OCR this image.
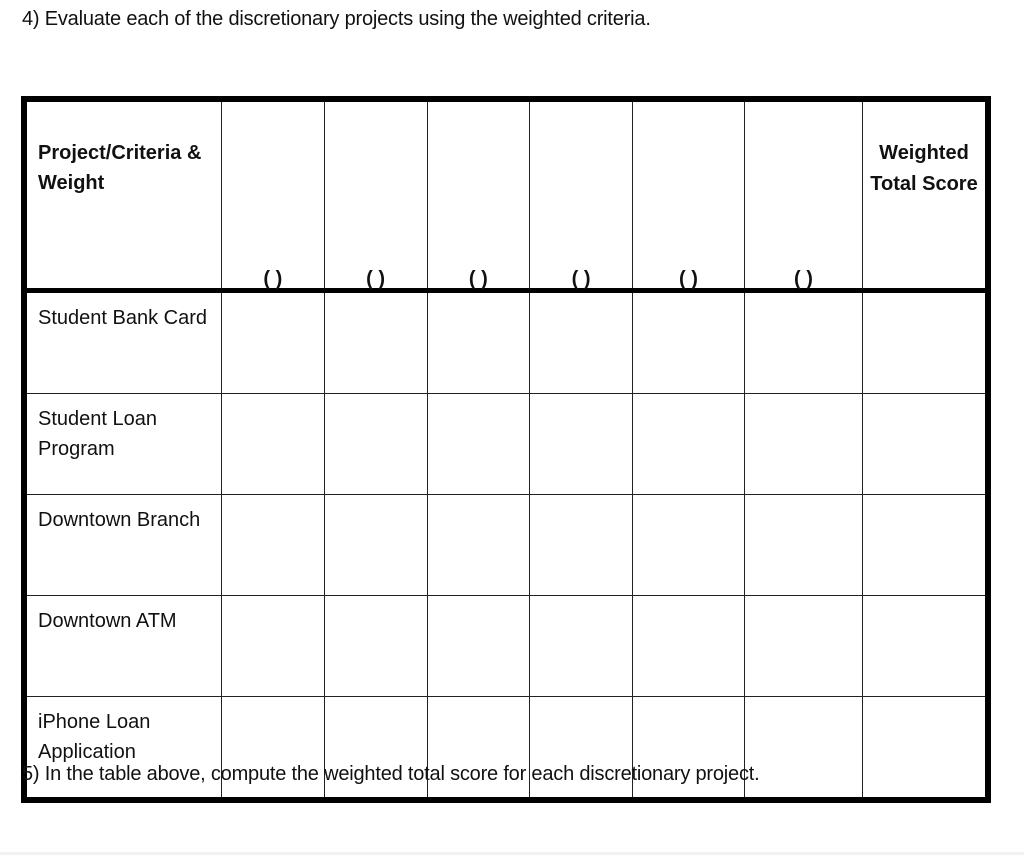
4) Evaluate each of the discretionary projects using the weighted criteria.
Project/Criteria & Weight	( )	( )	( )	( )	( )	( )	Weighted Total Score
Student Bank Card							
Student Loan Program							
Downtown Branch							
Downtown ATM							
iPhone Loan Application							
5) In the table above, compute the weighted total score for each discretionary project.
